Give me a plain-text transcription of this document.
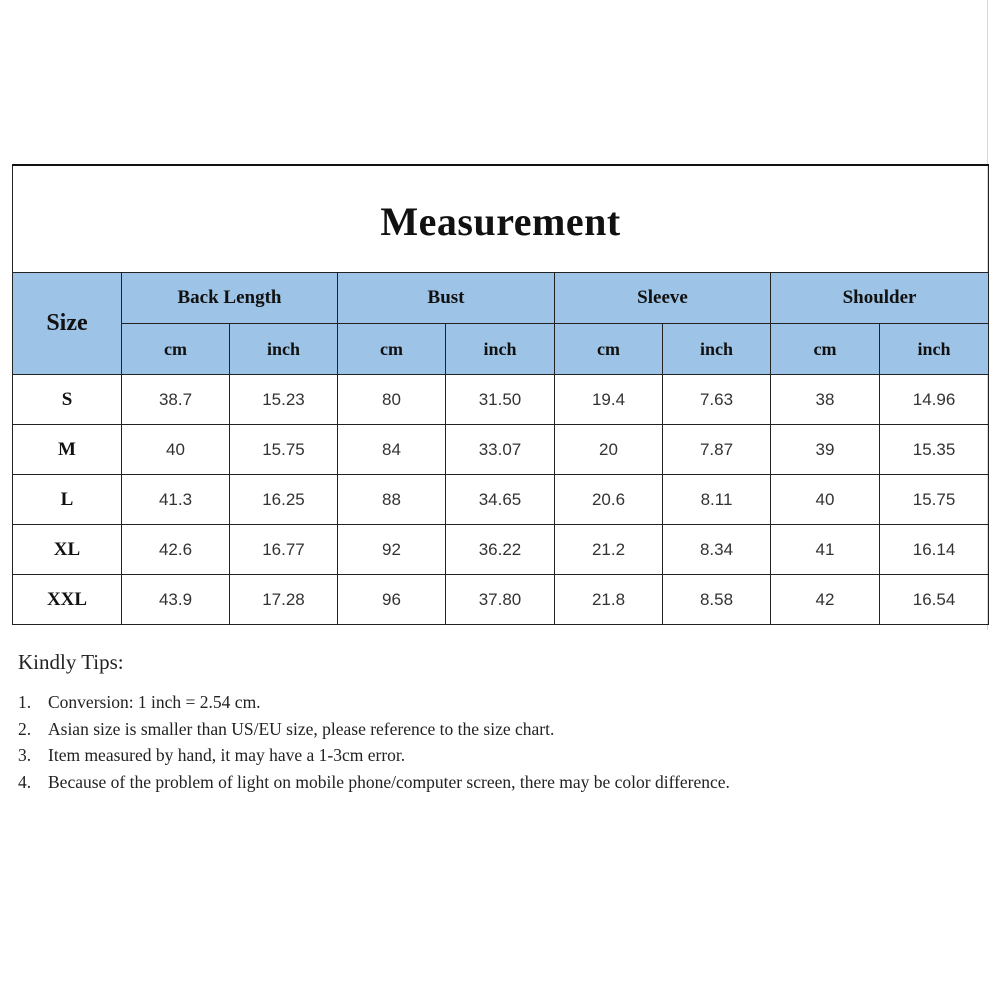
Measurement								
Size	Back Length		Bust		Sleeve		Shoulder	
	cm	inch	cm	inch	cm	inch	cm	inch
S	38.7	15.23	80	31.50	19.4	7.63	38	14.96
M	40	15.75	84	33.07	20	7.87	39	15.35
L	41.3	16.25	88	34.65	20.6	8.11	40	15.75
XL	42.6	16.77	92	36.22	21.2	8.34	41	16.14
XXL	43.9	17.28	96	37.80	21.8	8.58	42	16.54
Kindly Tips:
1. Conversion: 1 inch = 2.54 cm.
2. Asian size is smaller than US/EU size, please reference to the size chart.
3. Item measured by hand, it may have a 1-3cm error.
4. Because of the problem of light on mobile phone/computer screen, there may be color difference.
